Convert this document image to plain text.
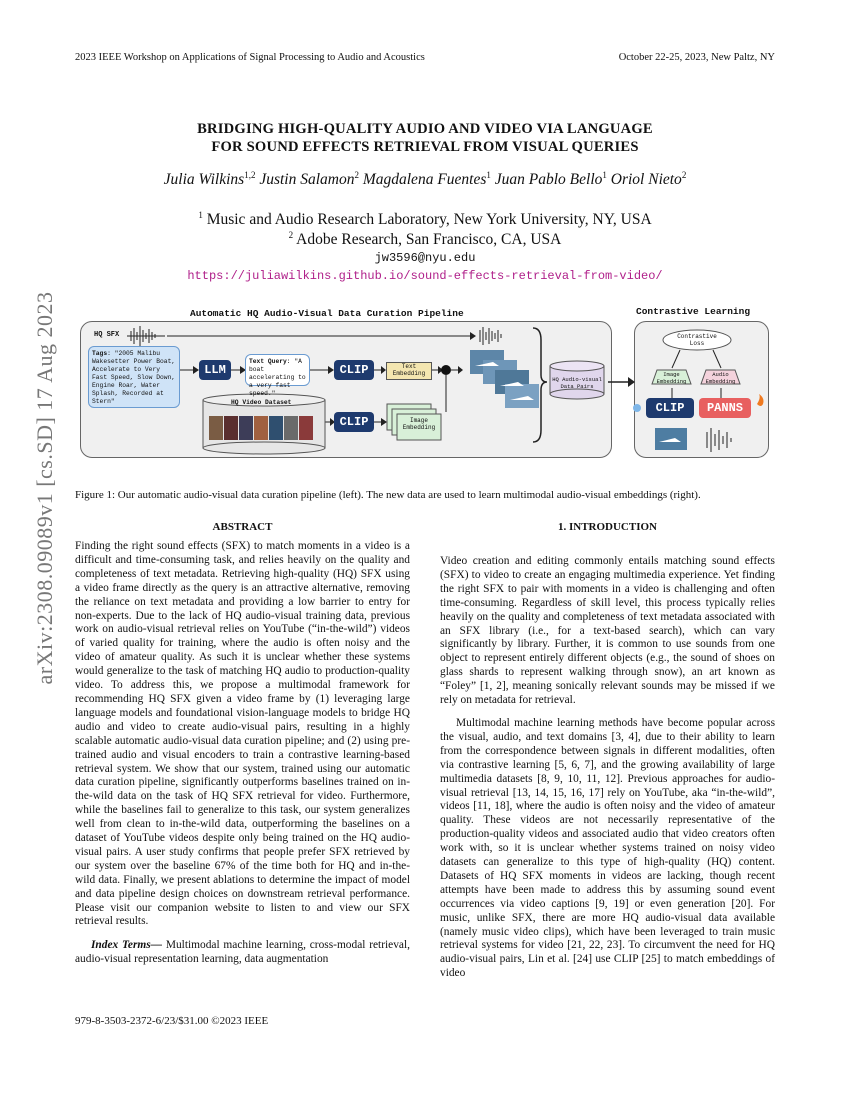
2023 IEEE Workshop on Applications of Signal Processing to Audio and Acoustics	October 22-25, 2023, New Paltz, NY
arXiv:2308.09089v1 [cs.SD] 17 Aug 2023
BRIDGING HIGH-QUALITY AUDIO AND VIDEO VIA LANGUAGE
FOR SOUND EFFECTS RETRIEVAL FROM VISUAL QUERIES
Julia Wilkins$^{1,2}$ Justin Salamon$^2$ Magdalena Fuentes$^1$ Juan Pablo Bello$^1$ Oriol Nieto$^2$
$^1$ Music and Audio Research Laboratory, New York University, NY, USA
$^2$ Adobe Research, San Francisco, CA, USA
jw3596@nyu.edu
https://juliawilkins.github.io/sound-effects-retrieval-from-video/
Automatic HQ Audio-Visual Data Curation Pipeline	Contrastive Learning
HQ SFX
Tags: "2005 Malibu Wakesetter Power Boat, Accelerate to Very Fast Speed, Slow Down, Engine Roar, Water Splash, Recorded at Stern"
LLM
Text Query: "A boat accelerating to a very fast speed."
CLIP	Text Embedding
HQ Video Dataset
CLIP	Image Embedding
HQ Audio-visual Data Pairs
Contrastive Loss
Image Embedding
Audio Embedding
CLIP	PANNS
Figure 1: Our automatic audio-visual data curation pipeline (left). The new data are used to learn multimodal audio-visual embeddings (right).
ABSTRACT

Finding the right sound effects (SFX) to match moments in a video is a difficult and time-consuming task, and relies heavily on the quality and completeness of text metadata. Retrieving high-quality (HQ) SFX using a video frame directly as the query is an attractive alternative, removing the reliance on text metadata and providing a low barrier to entry for non-experts. Due to the lack of HQ audio-visual training data, previous work on audio-visual retrieval relies on YouTube (“in-the-wild”) videos of varied quality for training, where the audio is often noisy and the video of amateur quality. As such it is unclear whether these systems would generalize to the task of matching HQ audio to production-quality video. To address this, we propose a multimodal framework for recommending HQ SFX given a video frame by (1) leveraging large language models and foundational vision-language models to bridge HQ audio and video to create audio-visual pairs, resulting in a highly scalable automatic audio-visual data curation pipeline; and (2) using pre-trained audio and visual encoders to train a contrastive learning-based retrieval system. We show that our system, trained using our automatic data curation pipeline, significantly outperforms baselines trained on in-the-wild data on the task of HQ SFX retrieval for video. Furthermore, while the baselines fail to generalize to this task, our system generalizes well from clean to in-the-wild data, outperforming the baselines on a dataset of YouTube videos despite only being trained on the HQ audio-visual pairs. A user study confirms that people prefer SFX retrieved by our system over the baseline 67% of the time both for HQ and in-the-wild data. Finally, we present ablations to determine the impact of model and data pipeline design choices on downstream retrieval performance. Please visit our companion website to listen to and view our SFX retrieval results.

Index Terms— Multimodal machine learning, cross-modal retrieval, audio-visual representation learning, data augmentation

1. INTRODUCTION

Video creation and editing commonly entails matching sound effects (SFX) to video to create an engaging multimedia experience. Yet finding the right SFX to pair with moments in a video is challenging and often time-consuming. Regardless of skill level, this process typically relies heavily on the quality and completeness of text metadata associated with an SFX library (i.e., for a text-based search), which can vary significantly by library. Further, it is common to use sounds from one object to represent entirely different objects (e.g., the sound of shoes on glass shards to represent walking through snow), an art known as “Foley” [1, 2], meaning sonically relevant sounds may be missed if we rely on metadata for retrieval.

Multimodal machine learning methods have become popular across the visual, audio, and text domains [3, 4], due to their ability to learn from the correspondence between signals in different modalities, often via contrastive learning [5, 6, 7], and the growing availability of large multimedia datasets [8, 9, 10, 11, 12]. Previous approaches for audio-visual retrieval [13, 14, 15, 16, 17] rely on YouTube, aka “in-the-wild”, videos [11, 18], where the audio is often noisy and the video of amateur quality. These videos are not necessarily representative of the production-quality videos and associated audio that video creators often work with, so it is unclear whether systems trained on noisy video datasets can generalize to this type of high-quality (HQ) content. Datasets of HQ SFX moments in videos are lacking, though recent attempts have been made to address this by assuming sound event occurrences via video captions [9, 19] or even generation [20]. For music, unlike SFX, there are more HQ audio-visual data available (namely music video clips), which have been leveraged to train music retrieval systems for video [21, 22, 23]. To circumvent the need for HQ audio-visual pairs, Lin et al. [24] use CLIP [25] to match embeddings of video

979-8-3503-2372-6/23/$31.00 ©2023 IEEE
